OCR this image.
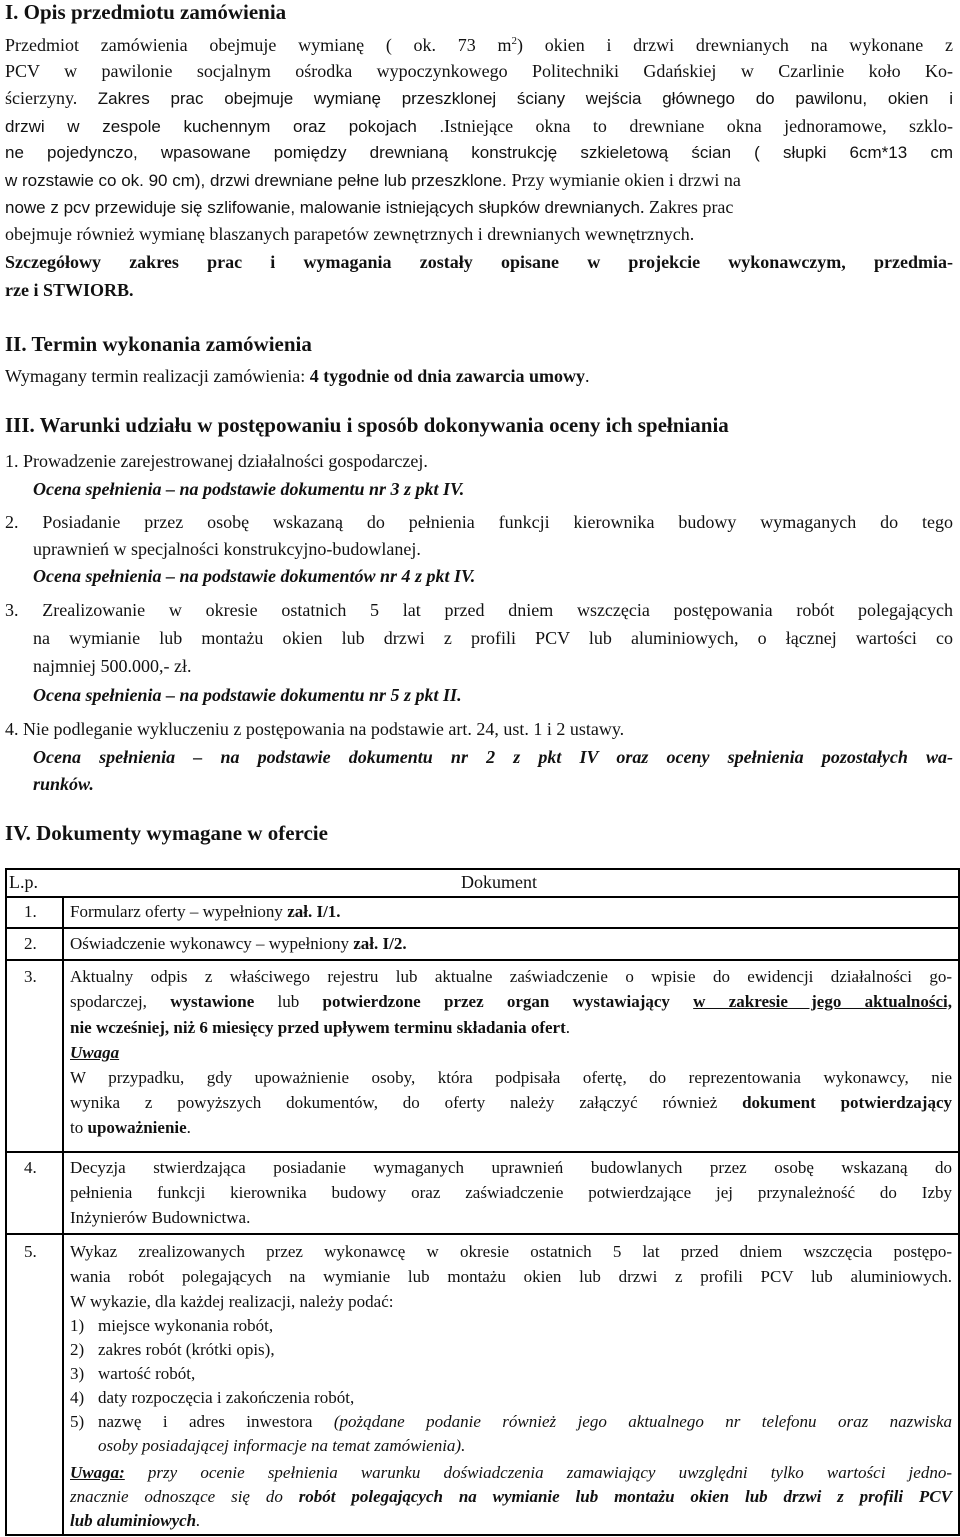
I. Opis przedmiotu zamówienia
Przedmiot zamówienia obejmuje wymianę ( ok. 73 $m^2$) okien i drzwi drewnianych na wykonane z
PCV w pawilonie socjalnym ośrodka wypoczynkowego Politechniki Gdańskiej w Czarlinie koło Ko-
ścierzyny. Zakres prac obejmuje wymianę przeszklonej ściany wejścia głównego do pawilonu, okien i
drzwi w zespole kuchennym oraz pokojach .Istniejące okna to drewniane okna jednoramowe, szklo-
ne pojedynczo, wpasowane pomiędzy drewnianą konstrukcję szkieletową ścian ( słupki 6cm*13 cm
w rozstawie co ok. 90 cm), drzwi drewniane pełne lub przeszklone. Przy wymianie okien i drzwi na
nowe z pcv przewiduje się szlifowanie, malowanie istniejących słupków drewnianych. Zakres prac
obejmuje również wymianę blaszanych parapetów zewnętrznych i drewnianych wewnętrznych.
Szczegółowy zakres prac i wymagania zostały opisane w projekcie wykonawczym, przedmia-
rze i STWIORB.
II. Termin wykonania zamówienia
Wymagany termin realizacji zamówienia: 4 tygodnie od dnia zawarcia umowy.
III. Warunki udziału w postępowaniu i sposób dokonywania oceny ich spełniania
1. Prowadzenie zarejestrowanej działalności gospodarczej.
Ocena spełnienia – na podstawie dokumentu nr 3 z pkt IV.
2. Posiadanie przez osobę wskazaną do pełnienia funkcji kierownika budowy wymaganych do tego
uprawnień w specjalności konstrukcyjno-budowlanej.
Ocena spełnienia – na podstawie dokumentów nr 4 z pkt IV.
3. Zrealizowanie w okresie ostatnich 5 lat przed dniem wszczęcia postępowania robót polegających
na wymianie lub montażu okien lub drzwi z profili PCV lub aluminiowych, o łącznej wartości co
najmniej 500.000,- zł.
Ocena spełnienia – na podstawie dokumentu nr 5 z pkt II.
4. Nie podleganie wykluczeniu z postępowania na podstawie art. 24, ust. 1 i 2 ustawy.
Ocena spełnienia – na podstawie dokumentu nr 2 z pkt IV oraz oceny spełnienia pozostałych wa-
runków.
IV. Dokumenty wymagane w ofercie
L.p.	Dokument
1. Formularz oferty – wypełniony zał. I/1.
2. Oświadczenie wykonawcy – wypełniony zał. I/2.
3. Aktualny odpis z właściwego rejestru lub aktualne zaświadczenie o wpisie do ewidencji działalności go-
spodarczej, wystawione lub potwierdzone przez organ wystawiający w zakresie jego aktualności,
nie wcześniej, niż 6 miesięcy przed upływem terminu składania ofert.
Uwaga
W przypadku, gdy upoważnienie osoby, która podpisała ofertę, do reprezentowania wykonawcy, nie
wynika z powyższych dokumentów, do oferty należy załączyć również dokument potwierdzający
to upoważnienie.
4. Decyzja stwierdzająca posiadanie wymaganych uprawnień budowlanych przez osobę wskazaną do
pełnienia funkcji kierownika budowy oraz zaświadczenie potwierdzające jej przynależność do Izby
Inżynierów Budownictwa.
5. Wykaz zrealizowanych przez wykonawcę w okresie ostatnich 5 lat przed dniem wszczęcia postępo-
wania robót polegających na wymianie lub montażu okien lub drzwi z profili PCV lub aluminiowych.
W wykazie, dla każdej realizacji, należy podać:
1) miejsce wykonania robót,
2) zakres robót (krótki opis),
3) wartość robót,
4) daty rozpoczęcia i zakończenia robót,
5) nazwę i adres inwestora (pożądane podanie również jego aktualnego nr telefonu oraz nazwiska
osoby posiadającej informacje na temat zamówienia).
Uwaga: przy ocenie spełnienia warunku doświadczenia zamawiający uwzględni tylko wartości jedno-
znacznie odnoszące się do robót polegających na wymianie lub montażu okien lub drzwi z profili PCV
lub aluminiowych.
